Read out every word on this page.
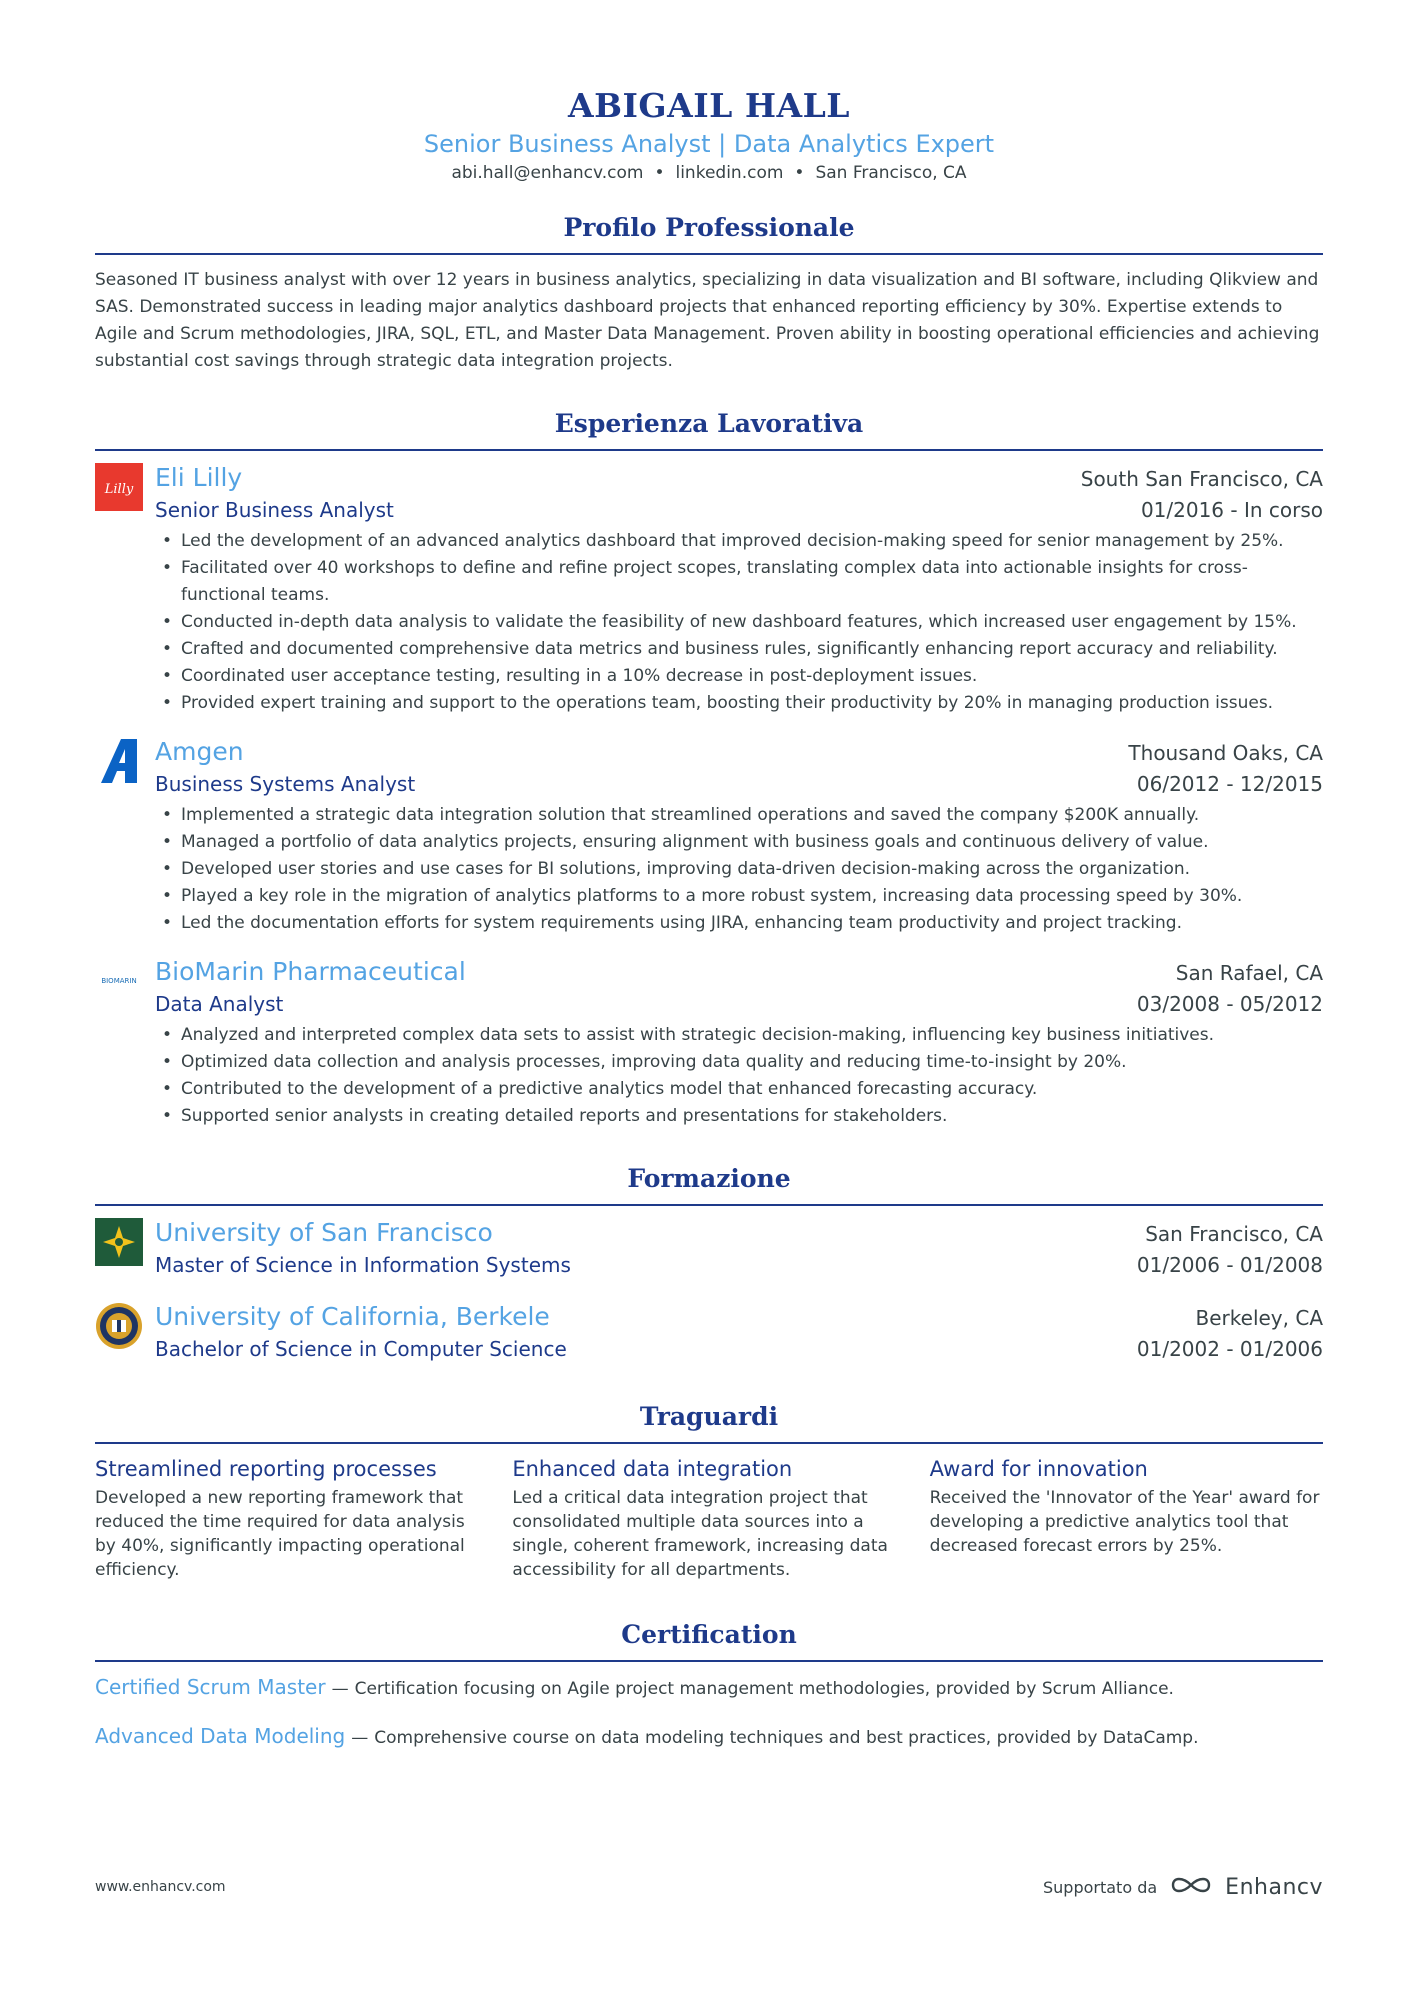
ABIGAIL HALL
Senior Business Analyst | Data Analytics Expert
abi.hall@enhancv.com • linkedin.com • San Francisco, CA
Profilo Professionale
Seasoned IT business analyst with over 12 years in business analytics, specializing in data visualization and BI software, including Qlikview and SAS. Demonstrated success in leading major analytics dashboard projects that enhanced reporting efficiency by 30%. Expertise extends to Agile and Scrum methodologies, JIRA, SQL, ETL, and Master Data Management. Proven ability in boosting operational efficiencies and achieving substantial cost savings through strategic data integration projects.
Esperienza Lavorativa
Lilly Eli Lilly	South San Francisco, CA
Senior Business Analyst	01/2016 - In corso
• Led the development of an advanced analytics dashboard that improved decision-making speed for senior management by 25%.
• Facilitated over 40 workshops to define and refine project scopes, translating complex data into actionable insights for cross-functional teams.
• Conducted in-depth data analysis to validate the feasibility of new dashboard features, which increased user engagement by 15%.
• Crafted and documented comprehensive data metrics and business rules, significantly enhancing report accuracy and reliability.
• Coordinated user acceptance testing, resulting in a 10% decrease in post-deployment issues.
• Provided expert training and support to the operations team, boosting their productivity by 20% in managing production issues.
Amgen	Thousand Oaks, CA
Business Systems Analyst	06/2012 - 12/2015
• Implemented a strategic data integration solution that streamlined operations and saved the company $200K annually.
• Managed a portfolio of data analytics projects, ensuring alignment with business goals and continuous delivery of value.
• Developed user stories and use cases for BI solutions, improving data-driven decision-making across the organization.
• Played a key role in the migration of analytics platforms to a more robust system, increasing data processing speed by 30%.
• Led the documentation efforts for system requirements using JIRA, enhancing team productivity and project tracking.
BIOMARIN BioMarin Pharmaceutical	San Rafael, CA
Data Analyst	03/2008 - 05/2012
• Analyzed and interpreted complex data sets to assist with strategic decision-making, influencing key business initiatives.
• Optimized data collection and analysis processes, improving data quality and reducing time-to-insight by 20%.
• Contributed to the development of a predictive analytics model that enhanced forecasting accuracy.
• Supported senior analysts in creating detailed reports and presentations for stakeholders.
Formazione
University of San Francisco	San Francisco, CA
Master of Science in Information Systems	01/2006 - 01/2008
University of California, Berkele	Berkeley, CA
Bachelor of Science in Computer Science	01/2002 - 01/2006
Traguardi
Streamlined reporting processes
Developed a new reporting framework that reduced the time required for data analysis by 40%, significantly impacting operational efficiency.
Enhanced data integration
Led a critical data integration project that consolidated multiple data sources into a single, coherent framework, increasing data accessibility for all departments.
Award for innovation
Received the 'Innovator of the Year' award for developing a predictive analytics tool that decreased forecast errors by 25%.
Certification
Certified Scrum Master — Certification focusing on Agile project management methodologies, provided by Scrum Alliance.
Advanced Data Modeling — Comprehensive course on data modeling techniques and best practices, provided by DataCamp.
www.enhancv.com	Supportato da	Enhancv
